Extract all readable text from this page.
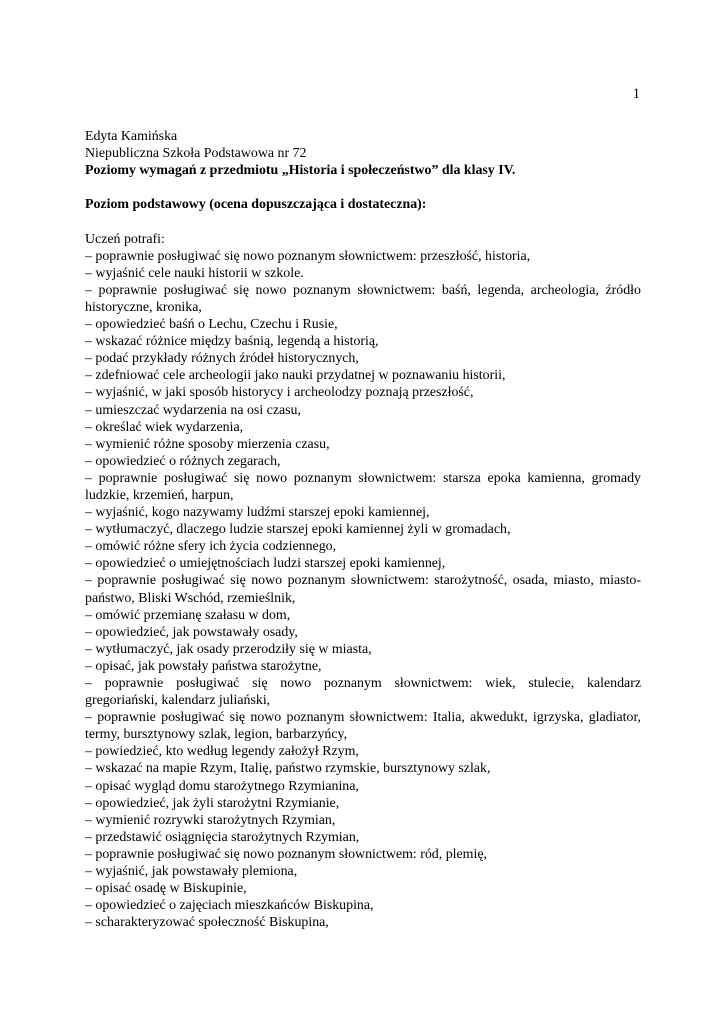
1
Edyta Kamińska
Niepubliczna Szkoła Podstawowa nr 72
Poziomy wymagań z przedmiotu „Historia i społeczeństwo” dla klasy IV.
Poziom podstawowy (ocena dopuszczająca i dostateczna):
Uczeń potrafi:
– poprawnie posługiwać się nowo poznanym słownictwem: przeszłość, historia,
– wyjaśnić cele nauki historii w szkole.
– poprawnie posługiwać się nowo poznanym słownictwem: baśń, legenda, archeologia, źródło
historyczne, kronika,
– opowiedzieć baśń o Lechu, Czechu i Rusie,
– wskazać różnice między baśnią, legendą a historią,
– podać przykłady różnych źródeł historycznych,
– zdefniować cele archeologii jako nauki przydatnej w poznawaniu historii,
– wyjaśnić, w jaki sposób historycy i archeolodzy poznają przeszłość,
– umieszczać wydarzenia na osi czasu,
– określać wiek wydarzenia,
– wymienić różne sposoby mierzenia czasu,
– opowiedzieć o różnych zegarach,
– poprawnie posługiwać się nowo poznanym słownictwem: starsza epoka kamienna, gromady
ludzkie, krzemień, harpun,
– wyjaśnić, kogo nazywamy ludźmi starszej epoki kamiennej,
– wytłumaczyć, dlaczego ludzie starszej epoki kamiennej żyli w gromadach,
– omówić różne sfery ich życia codziennego,
– opowiedzieć o umiejętnościach ludzi starszej epoki kamiennej,
– poprawnie posługiwać się nowo poznanym słownictwem: starożytność, osada, miasto, miasto-
państwo, Bliski Wschód, rzemieślnik,
– omówić przemianę szałasu w dom,
– opowiedzieć, jak powstawały osady,
– wytłumaczyć, jak osady przerodziły się w miasta,
– opisać, jak powstały państwa starożytne,
– poprawnie posługiwać się nowo poznanym słownictwem: wiek, stulecie, kalendarz
gregoriański, kalendarz juliański,
– poprawnie posługiwać się nowo poznanym słownictwem: Italia, akwedukt, igrzyska, gladiator,
termy, bursztynowy szlak, legion, barbarzyńcy,
– powiedzieć, kto według legendy założył Rzym,
– wskazać na mapie Rzym, Italię, państwo rzymskie, bursztynowy szlak,
– opisać wygląd domu starożytnego Rzymianina,
– opowiedzieć, jak żyli starożytni Rzymianie,
– wymienić rozrywki starożytnych Rzymian,
– przedstawić osiągnięcia starożytnych Rzymian,
– poprawnie posługiwać się nowo poznanym słownictwem: ród, plemię,
– wyjaśnić, jak powstawały plemiona,
– opisać osadę w Biskupinie,
– opowiedzieć o zajęciach mieszkańców Biskupina,
– scharakteryzować społeczność Biskupina,
